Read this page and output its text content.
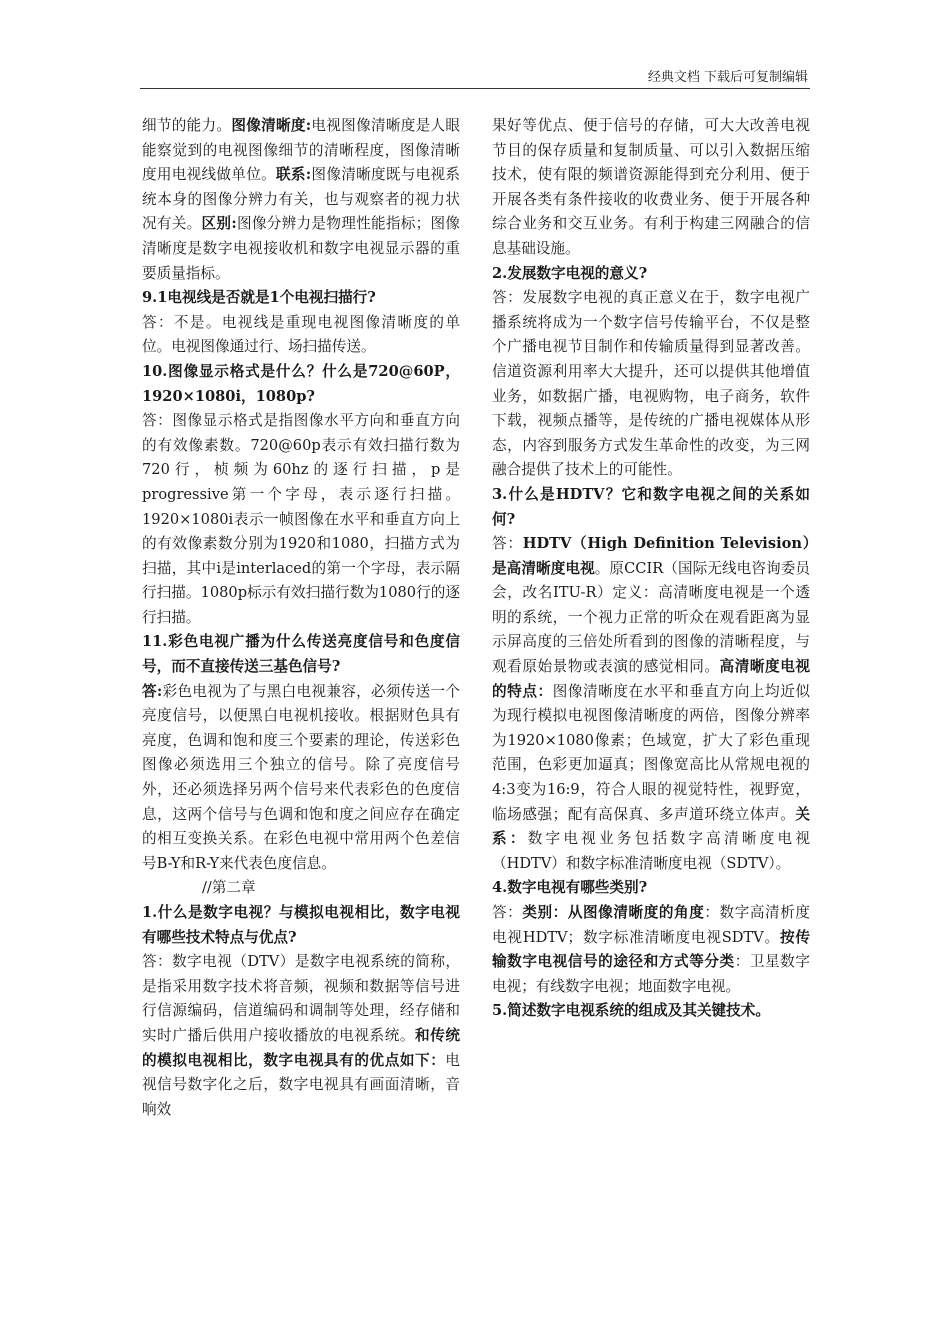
经典文档 下载后可复制编辑

细节的能力。图像清晰度:电视图像清晰度是人眼能察觉到的电视图像细节的清晰程度，图像清晰度用电视线做单位。联系:图像清晰度既与电视系统本身的图像分辨力有关，也与观察者的视力状况有关。区别:图像分辨力是物理性能指标；图像清晰度是数字电视接收机和数字电视显示器的重要质量指标。

9.1电视线是否就是1个电视扫描行?

答：不是。电视线是重现电视图像清晰度的单位。电视图像通过行、场扫描传送。

10.图像显示格式是什么？什么是720@60P，1920×1080i，1080p?

答：图像显示格式是指图像水平方向和垂直方向的有效像素数。720@60p表示有效扫描行数为720行，桢频为60hz的逐行扫描，p是progressive第一个字母，表示逐行扫描。1920×1080i表示一帧图像在水平和垂直方向上的有效像素数分别为1920和1080，扫描方式为扫描，其中i是interlaced的第一个字母，表示隔行扫描。1080p标示有效扫描行数为1080行的逐行扫描。

11.彩色电视广播为什么传送亮度信号和色度信号，而不直接传送三基色信号?

答:彩色电视为了与黑白电视兼容，必须传送一个亮度信号，以便黑白电视机接收。根据财色具有亮度，色调和饱和度三个要素的理论，传送彩色图像必须选用三个独立的信号。除了亮度信号外，还必须选择另两个信号来代表彩色的色度信息，这两个信号与色调和饱和度之间应存在确定的相互变换关系。在彩色电视中常用两个色差信号B-Y和R-Y来代表色度信息。

//第二章

1.什么是数字电视？与模拟电视相比，数字电视有哪些技术特点与优点?

答：数字电视（DTV）是数字电视系统的简称，是指采用数字技术将音频，视频和数据等信号进行信源编码，信道编码和调制等处理，经存储和实时广播后供用户接收播放的电视系统。和传统的模拟电视相比，数字电视具有的优点如下：电视信号数字化之后，数字电视具有画面清晰，音响效

果好等优点、便于信号的存储，可大大改善电视节目的保存质量和复制质量、可以引入数据压缩技术，使有限的频谱资源能得到充分利用、便于开展各类有条件接收的收费业务、便于开展各种综合业务和交互业务。有利于构建三网融合的信息基础设施。

2.发展数字电视的意义?

答：发展数字电视的真正意义在于，数字电视广播系统将成为一个数字信号传输平台，不仅是整个广播电视节目制作和传输质量得到显著改善。信道资源利用率大大提升，还可以提供其他增值业务，如数据广播，电视购物，电子商务，软件下载，视频点播等，是传统的广播电视媒体从形态，内容到服务方式发生革命性的改变，为三网融合提供了技术上的可能性。

3.什么是HDTV？它和数字电视之间的关系如何?

答：HDTV（High Definition Television）是高清晰度电视。原CCIR（国际无线电咨询委员会，改名ITU-R）定义：高清晰度电视是一个透明的系统，一个视力正常的听众在观看距离为显示屏高度的三倍处所看到的图像的清晰程度，与观看原始景物或表演的感觉相同。高清晰度电视的特点：图像清晰度在水平和垂直方向上均近似为现行模拟电视图像清晰度的两倍，图像分辨率为1920×1080像素；色域宽，扩大了彩色重现范围，色彩更加逼真；图像宽高比从常规电视的4:3变为16:9，符合人眼的视觉特性，视野宽，临场感强；配有高保真、多声道环绕立体声。关系：数字电视业务包括数字高清晰度电视（HDTV）和数字标准清晰度电视（SDTV）。

4.数字电视有哪些类别?

答：类别：从图像清晰度的角度：数字高清析度电视HDTV；数字标准清晰度电视SDTV。按传输数字电视信号的途径和方式等分类：卫星数字电视；有线数字电视；地面数字电视。

5.简述数字电视系统的组成及其关键技术。
